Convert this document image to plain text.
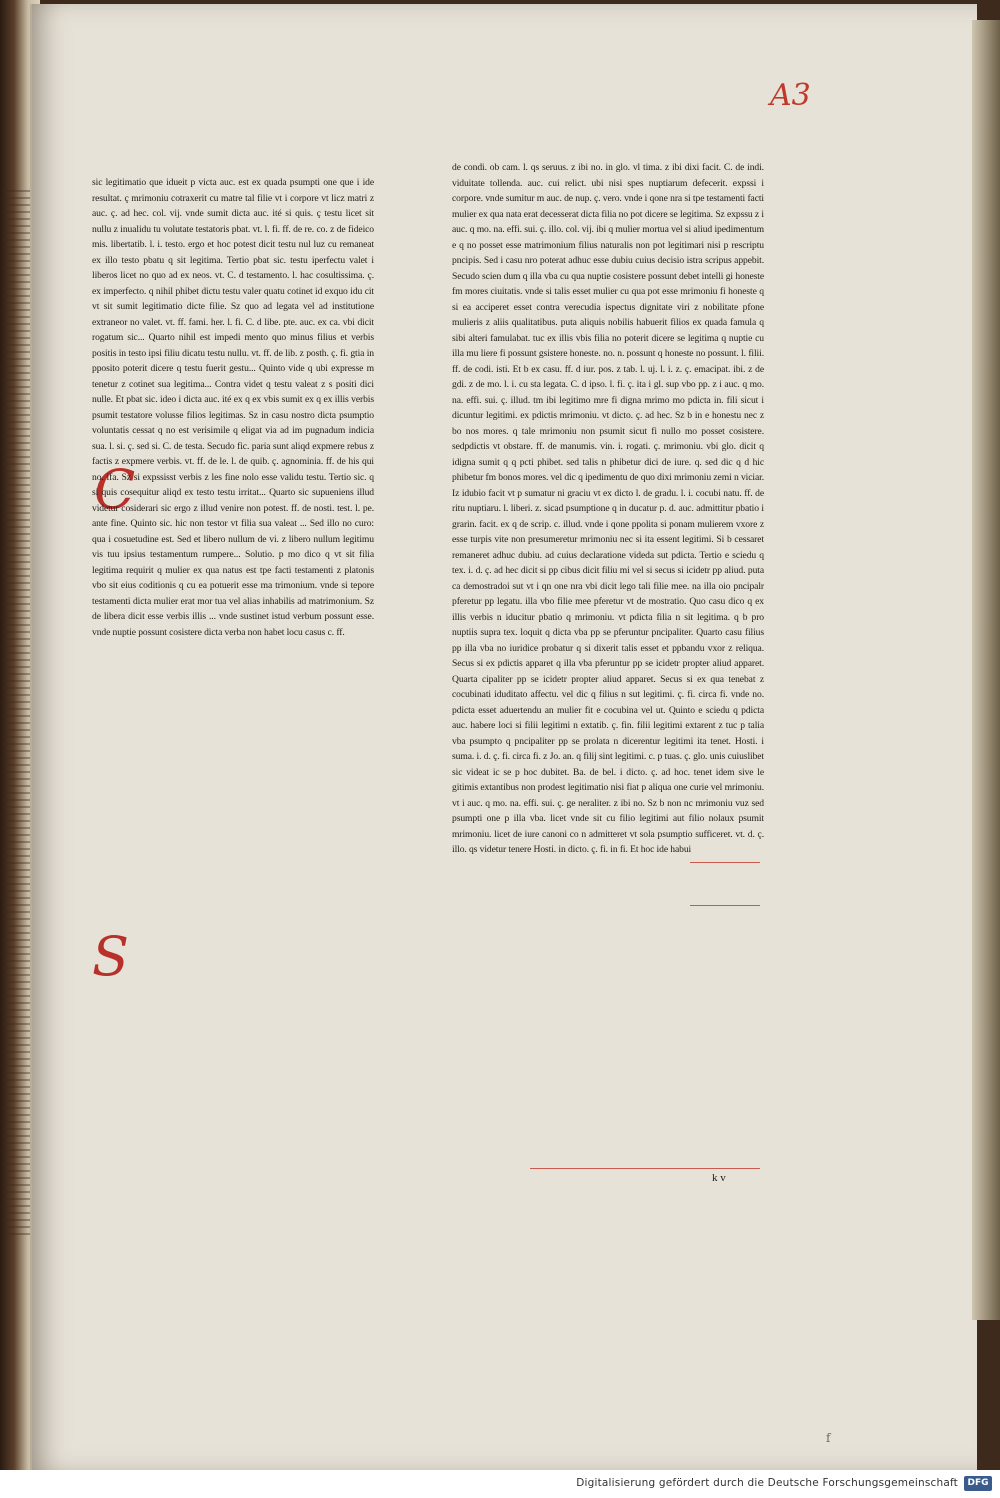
A3
C
S

sic legitimatio que idueit p victa auc. est ex quada psumpti one que i ide resultat. ç mrimoniu cotraxerit cu matre tal filie vt i corpore vt licz matri z auc. ç. ad hec. col. vij. vnde sumit dicta auc. ité si quis. ç testu licet sit nullu z inualidu tu volutate testatoris pbat. vt. l. fi. ff. de re. co. z de fideico mis. libertatib. l. i. testo. ergo et hoc potest dicit testu nul luz cu remaneat ex illo testo pbatu q sit legitima. Tertio pbat sic. testu iperfectu valet i liberos licet no quo ad ex neos. vt. C. d testamento. l. hac cosultissima. ç. ex imperfecto. q nihil phibet dictu testu valer quatu cotinet id exquo idu cit vt sit sumit legitimatio dicte filie. Sz quo ad legata vel ad institutione extraneor no valet. vt. ff. fami. her. l. fi. C. d libe. pte. auc. ex ca. vbi dicit rogatum sic... Quarto nihil est impedi mento quo minus filius et verbis positis in testo ipsi filiu dicatu testu nullu. vt. ff. de lib. z posth. ç. fi. gtia in pposito poterit dicere q testu fuerit gestu... Quinto vide q ubi expresse m tenetur z cotinet sua legitima... Contra videt q testu valeat z s positi dici nulle. Et pbat sic. ideo i dicta auc. ité ex q ex vbis sumit ex q ex illis verbis psumit testatore volusse filios legitimas. Sz in casu nostro dicta psumptio voluntatis cessat q no est verisimile q eligat via ad im pugnadum indicia sua. l. si. ç. sed si. C. de testa. Secudo fic. paria sunt aliqd expmere rebus z factis z expmere verbis. vt. ff. de le. l. de quib. ç. agnominia. ff. de his qui no. ifa. Sz si expssisst verbis z les fine nolo esse validu testu. Tertio sic. q si quis cosequitur aliqd ex testo testu irritat... Quarto sic supueniens illud videtur cosiderari sic ergo z illud venire non potest. ff. de nosti. test. l. pe. ante fine. Quinto sic. hic non testor vt filia sua valeat ... Sed illo no curo: qua i cosuetudine est. Sed et libero nullum de vi. z libero nullum legitimu vis tuu ipsius testamentum rumpere... Solutio. p mo dico q vt sit filia legitima requirit q mulier ex qua natus est tpe facti testamenti z platonis vbo sit eius coditionis q cu ea potuerit esse ma trimonium. vnde si tepore testamenti dicta mulier erat mor tua vel alias inhabilis ad matrimonium. Sz de libera dicit esse verbis illis ... vnde sustinet istud verbum possunt esse. vnde nuptie possunt cosistere dicta verba non habet locu casus c. ff.

de condi. ob cam. l. qs seruus. z ibi no. in glo. vl tima. z ibi dixi facit. C. de indi. viduitate tollenda. auc. cui relict. ubi nisi spes nuptiarum defecerit. expssi i corpore. vnde sumitur m auc. de nup. ç. vero. vnde i qone nra si tpe testamenti facti mulier ex qua nata erat decesserat dicta filia no pot dicere se legitima. Sz expssu z i auc. q mo. na. effi. sui. ç. illo. col. vij. ibi q mulier mortua vel si aliud ipedimentum e q no posset esse matrimonium filius naturalis non pot legitimari nisi p rescriptu pncipis. Sed i casu nro poterat adhuc esse dubiu cuius decisio istra scripus appebit. Secudo scien dum q illa vba cu qua nuptie cosistere possunt debet intelli gi honeste fm mores ciuitatis. vnde si talis esset mulier cu qua pot esse mrimoniu fi honeste q si ea acciperet esset contra verecudia ispectus dignitate viri z nobilitate pfone mulieris z aliis qualitatibus. puta aliquis nobilis habuerit filios ex quada famula q sibi alteri famulabat. tuc ex illis vbis filia no poterit dicere se legitima q nuptie cu illa mu liere fi possunt gsistere honeste. no. n. possunt q honeste no possunt. l. filii. ff. de codi. isti. Et b ex casu. ff. d iur. pos. z tab. l. uj. l. i. z. ç. emacipat. ibi. z de gdi. z de mo. l. i. cu sta legata. C. d ipso. l. fi. ç. ita i gl. sup vbo pp. z i auc. q mo. na. effi. sui. ç. illud. tm ibi legitimo mre fi digna mrimo mo pdicta in. fili sicut i dicuntur legitimi. ex pdictis mrimoniu. vt dicto. ç. ad hec. Sz b in e honestu nec z bo nos mores. q tale mrimoniu non psumit sicut fi nullo mo posset cosistere. sedpdictis vt obstare. ff. de manumis. vin. i. rogati. ç. mrimoniu. vbi glo. dicit q idigna sumit q q pcti phibet. sed talis n phibetur dici de iure. q. sed dic q d hic phibetur fm bonos mores. vel dic q ipedimentu de quo dixi mrimoniu zemi n viciar. Iz idubio facit vt p sumatur ni graciu vt ex dicto l. de gradu. l. i. cocubi natu. ff. de ritu nuptiaru. l. liberi. z. sicad psumptione q in ducatur p. d. auc. admittitur pbatio i grarin. facit. ex q de scrip. c. illud. vnde i qone ppolita si ponam mulierem vxore z esse turpis vite non presumeretur mrimoniu nec si ita essent legitimi. Si b cessaret remaneret adhuc dubiu. ad cuius declaratione videda sut pdicta. Tertio e sciedu q tex. i. d. ç. ad hec dicit si pp cibus dicit filiu mi vel si secus si icidetr pp aliud. puta ca demostradoi sut vt i qn one nra vbi dicit lego tali filie mee. na illa oio pncipalr pferetur pp legatu. illa vbo filie mee pferetur vt de mostratio. Quo casu dico q ex illis verbis n iducitur pbatio q mrimoniu. vt pdicta filia n sit legitima. q b pro nuptiis supra tex. loquit q dicta vba pp se pferuntur pncipaliter. Quarto casu filius pp illa vba no iuridice probatur q si dixerit talis esset et ppbandu vxor z reliqua. Secus si ex pdictis apparet q illa vba pferuntur pp se icidetr propter aliud apparet. Quarta cipaliter pp se icidetr propter aliud apparet. Secus si ex qua tenebat z cocubinati iduditato affectu. vel dic q filius n sut legitimi. ç. fi. circa fi. vnde no. pdicta esset aduertendu an mulier fit e cocubina vel ut. Quinto e sciedu q pdicta auc. habere loci si filii legitimi n extatib. ç. fin. filii legitimi extarent z tuc p talia vba psumpto q pncipaliter pp se prolata n dicerentur legitimi ita tenet. Hosti. i suma. i. d. ç. fi. circa fi. z Jo. an. q filij sint legitimi. c. p tuas. ç. glo. unis cuiuslibet sic videat ic se p hoc dubitet. Ba. de bel. i dicto. ç. ad hoc. tenet idem sive le gitimis extantibus non prodest legitimatio nisi fiat p aliqua one curie vel mrimoniu. vt i auc. q mo. na. effi. sui. ç. ge neraliter. z ibi no. Sz b non nc mrimoniu vuz sed psumpti one p illa vba. licet vnde sit cu filio legitimi aut filio nolaux psumit mrimoniu. licet de iure canoni co n admitteret vt sola psumptio sufficeret. vt. d. ç. illo. qs videtur tenere Hosti. in dicto. ç. fi. in fi. Et hoc ide habui

k v
f
Digitalisierung gefördert durch die Deutsche Forschungsgemeinschaft	DFG
